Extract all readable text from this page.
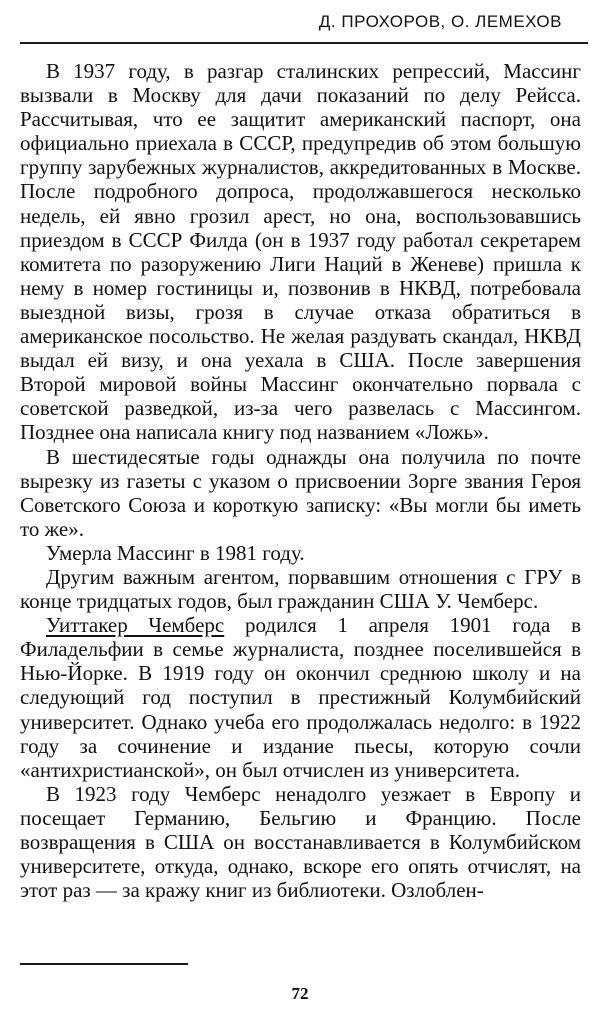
Д. ПРОХОРОВ, О. ЛЕМЕХОВ

В 1937 году, в разгар сталинских репрессий, Массинг вызвали в Москву для дачи показаний по делу Рейсса. Рассчитывая, что ее защитит американский паспорт, она официально приехала в СССР, предупредив об этом большую группу зарубежных журналистов, аккредитованных в Москве. После подробного допроса, продолжавшегося несколько недель, ей явно грозил арест, но она, воспользовавшись приездом в СССР Филда (он в 1937 году работал секретарем комитета по разоружению Лиги Наций в Женеве) пришла к нему в номер гостиницы и, позвонив в НКВД, потребовала выездной визы, грозя в случае отказа обратиться в американское посольство. Не желая раздувать скандал, НКВД выдал ей визу, и она уехала в США. После завершения Второй мировой войны Массинг окончательно порвала с советской разведкой, из-за чего развелась с Массингом. Позднее она написала книгу под названием «Ложь».

В шестидесятые годы однажды она получила по почте вырезку из газеты с указом о присвоении Зорге звания Героя Советского Союза и короткую записку: «Вы могли бы иметь то же».

Умерла Массинг в 1981 году.

Другим важным агентом, порвавшим отношения с ГРУ в конце тридцатых годов, был гражданин США У. Чемберс.

Уиттакер Чемберс родился 1 апреля 1901 года в Филадельфии в семье журналиста, позднее поселившейся в Нью-Йорке. В 1919 году он окончил среднюю школу и на следующий год поступил в престижный Колумбийский университет. Однако учеба его продолжалась недолго: в 1922 году за сочинение и издание пьесы, которую сочли «антихристианской», он был отчислен из университета.

В 1923 году Чемберс ненадолго уезжает в Европу и посещает Германию, Бельгию и Францию. После возвращения в США он восстанавливается в Колумбийском университете, откуда, однако, вскоре его опять отчислят, на этот раз — за кражу книг из библиотеки. Озлоблен-

72
